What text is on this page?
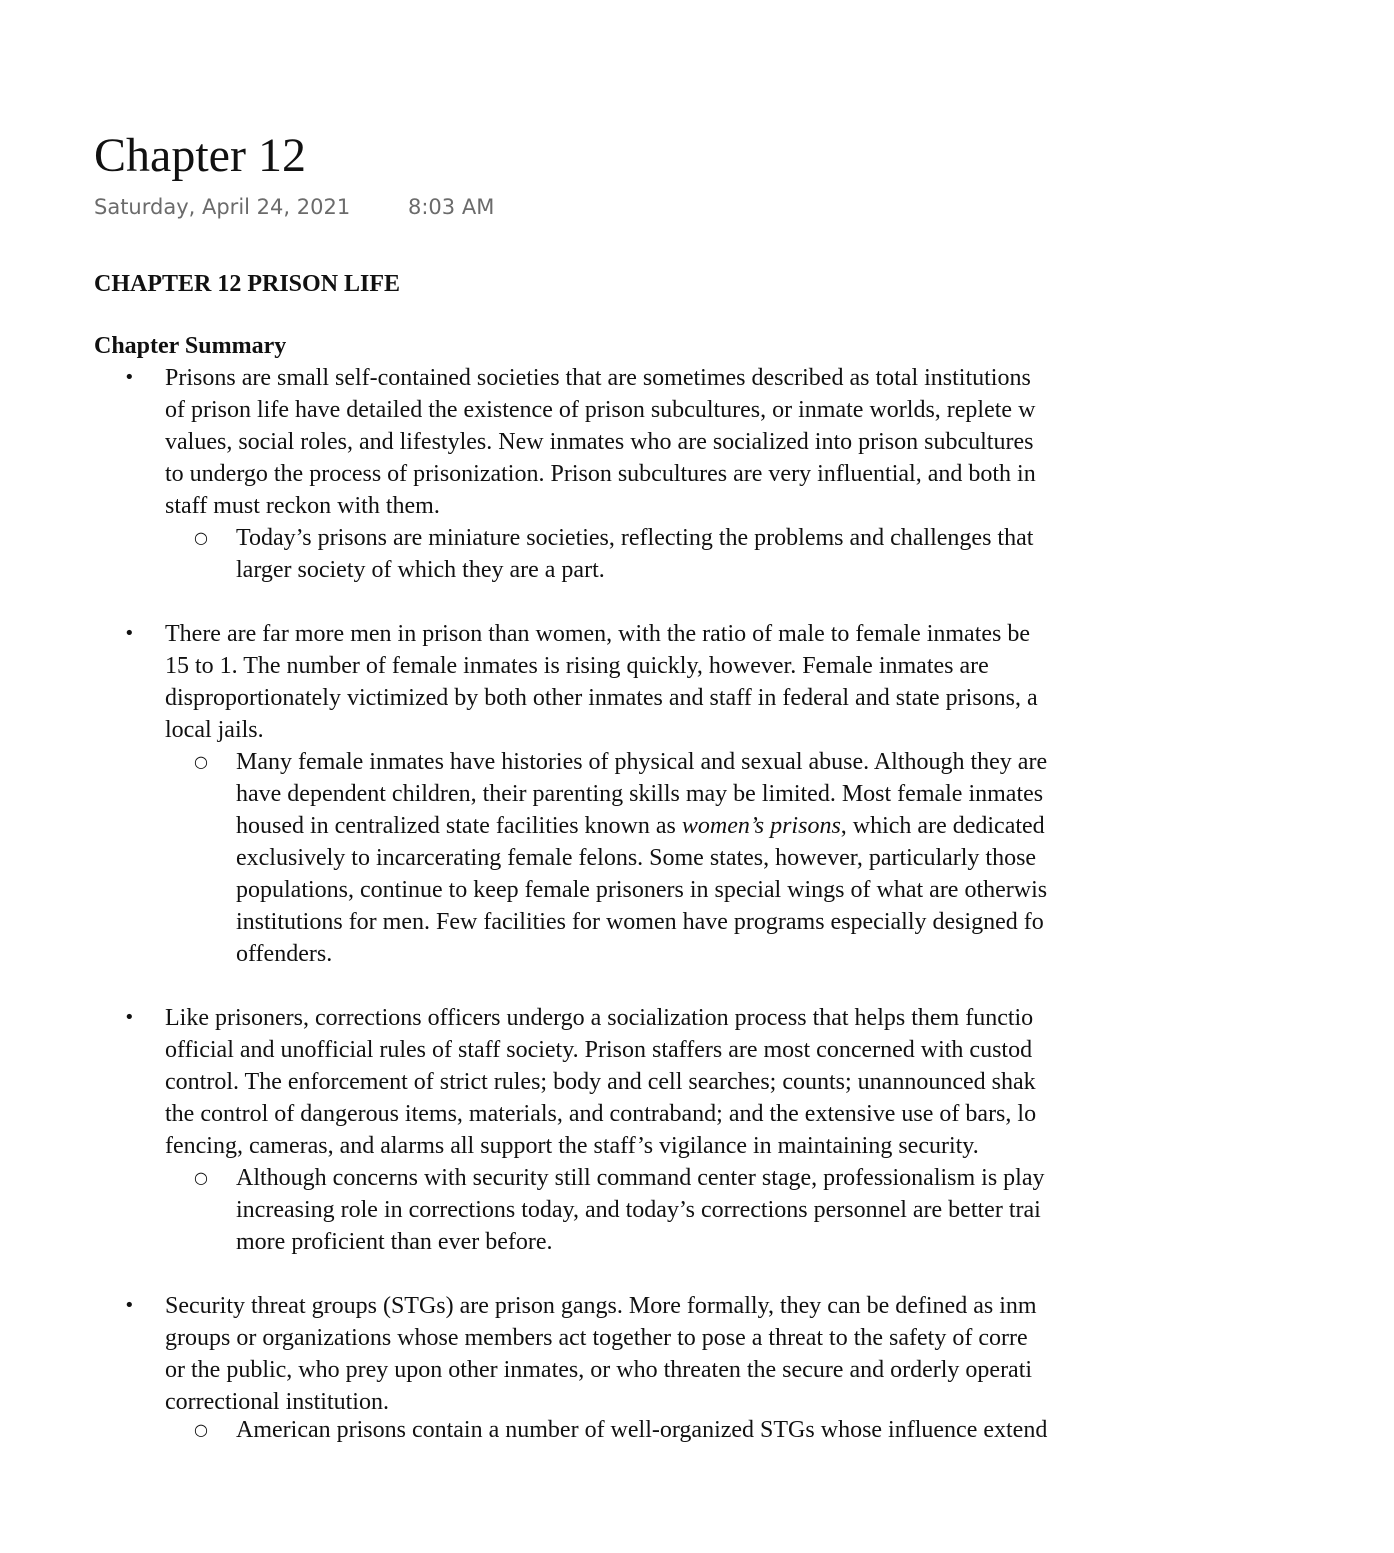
Chapter 12
Saturday, April 24, 2021	8:03 AM
CHAPTER 12 PRISON LIFE
Chapter Summary
• Prisons are small self-contained societies that are sometimes described as total institutions
of prison life have detailed the existence of prison subcultures, or inmate worlds, replete w
values, social roles, and lifestyles. New inmates who are socialized into prison subcultures
to undergo the process of prisonization. Prison subcultures are very influential, and both in
staff must reckon with them.
○ Today’s prisons are miniature societies, reflecting the problems and challenges that
larger society of which they are a part.
• There are far more men in prison than women, with the ratio of male to female inmates be
15 to 1. The number of female inmates is rising quickly, however. Female inmates are
disproportionately victimized by both other inmates and staff in federal and state prisons, a
local jails.
○ Many female inmates have histories of physical and sexual abuse. Although they are
have dependent children, their parenting skills may be limited. Most female inmates
housed in centralized state facilities known as women’s prisons, which are dedicated
exclusively to incarcerating female felons. Some states, however, particularly those
populations, continue to keep female prisoners in special wings of what are otherwis
institutions for men. Few facilities for women have programs especially designed fo
offenders.
• Like prisoners, corrections officers undergo a socialization process that helps them functio
official and unofficial rules of staff society. Prison staffers are most concerned with custod
control. The enforcement of strict rules; body and cell searches; counts; unannounced shak
the control of dangerous items, materials, and contraband; and the extensive use of bars, lo
fencing, cameras, and alarms all support the staff’s vigilance in maintaining security.
○ Although concerns with security still command center stage, professionalism is play
increasing role in corrections today, and today’s corrections personnel are better trai
more proficient than ever before.
• Security threat groups (STGs) are prison gangs. More formally, they can be defined as inm
groups or organizations whose members act together to pose a threat to the safety of corre
or the public, who prey upon other inmates, or who threaten the secure and orderly operati
correctional institution.
○ American prisons contain a number of well-organized STGs whose influence extend
